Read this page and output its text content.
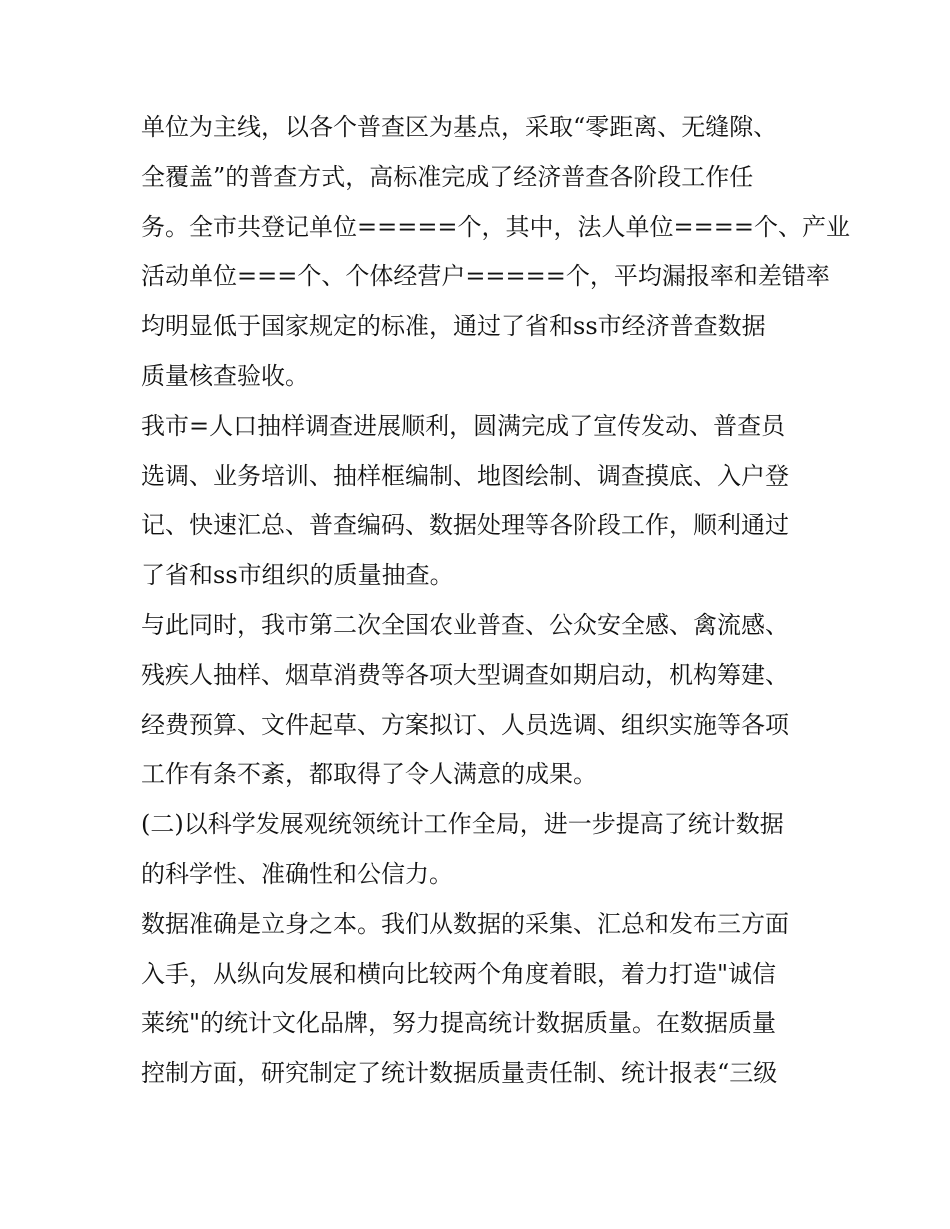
单位为主线，以各个普查区为基点，采取“零距离、无缝隙、
全覆盖”的普查方式，高标准完成了经济普查各阶段工作任
务。全市共登记单位=====个，其中，法人单位====个、产业
活动单位===个、个体经营户=====个，平均漏报率和差错率
均明显低于国家规定的标准，通过了省和ss市经济普查数据
质量核查验收。
我市=人口抽样调查进展顺利，圆满完成了宣传发动、普查员
选调、业务培训、抽样框编制、地图绘制、调查摸底、入户登
记、快速汇总、普查编码、数据处理等各阶段工作，顺利通过
了省和ss市组织的质量抽查。
与此同时，我市第二次全国农业普查、公众安全感、禽流感、
残疾人抽样、烟草消费等各项大型调查如期启动，机构筹建、
经费预算、文件起草、方案拟订、人员选调、组织实施等各项
工作有条不紊，都取得了令人满意的成果。
(二)以科学发展观统领统计工作全局，进一步提高了统计数据
的科学性、准确性和公信力。
数据准确是立身之本。我们从数据的采集、汇总和发布三方面
入手，从纵向发展和横向比较两个角度着眼，着力打造"诚信
莱统"的统计文化品牌，努力提高统计数据质量。在数据质量
控制方面，研究制定了统计数据质量责任制、统计报表“三级
